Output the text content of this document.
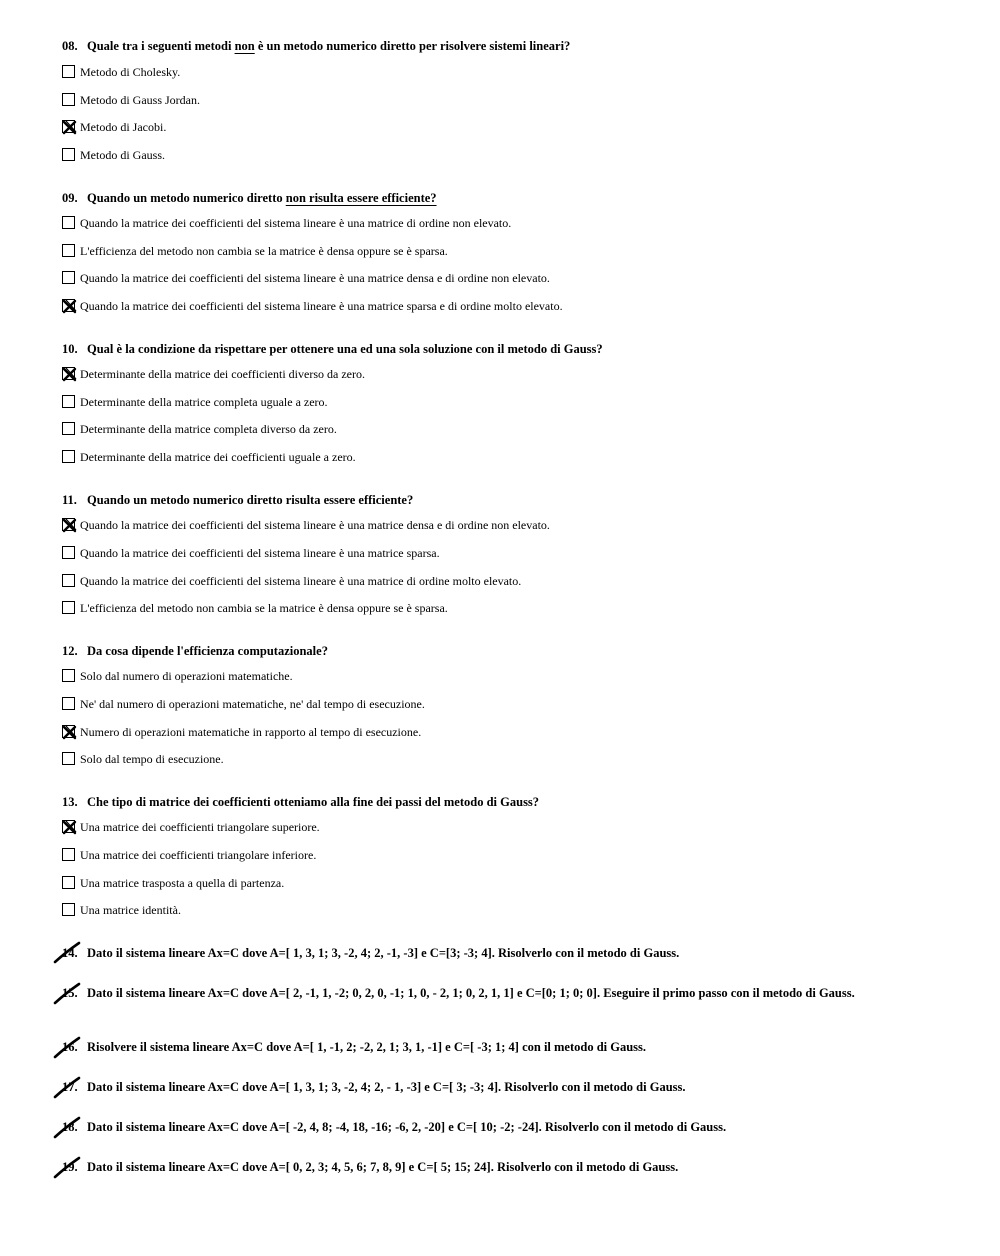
08. Quale tra i seguenti metodi non è un metodo numerico diretto per risolvere sistemi lineari?
Metodo di Cholesky.
Metodo di Gauss Jordan.
Metodo di Jacobi.
Metodo di Gauss.
09. Quando un metodo numerico diretto non risulta essere efficiente?
Quando la matrice dei coefficienti del sistema lineare è una matrice di ordine non elevato.
L'efficienza del metodo non cambia se la matrice è densa oppure se è sparsa.
Quando la matrice dei coefficienti del sistema lineare è una matrice densa e di ordine non elevato.
Quando la matrice dei coefficienti del sistema lineare è una matrice sparsa e di ordine molto elevato.
10. Qual è la condizione da rispettare per ottenere una ed una sola soluzione con il metodo di Gauss?
Determinante della matrice dei coefficienti diverso da zero.
Determinante della matrice completa uguale a zero.
Determinante della matrice completa diverso da zero.
Determinante della matrice dei coefficienti uguale a zero.
11. Quando un metodo numerico diretto risulta essere efficiente?
Quando la matrice dei coefficienti del sistema lineare è una matrice densa e di ordine non elevato.
Quando la matrice dei coefficienti del sistema lineare è una matrice sparsa.
Quando la matrice dei coefficienti del sistema lineare è una matrice di ordine molto elevato.
L'efficienza del metodo non cambia se la matrice è densa oppure se è sparsa.
12. Da cosa dipende l'efficienza computazionale?
Solo dal numero di operazioni matematiche.
Ne' dal numero di operazioni matematiche, ne' dal tempo di esecuzione.
Numero di operazioni matematiche in rapporto al tempo di esecuzione.
Solo dal tempo di esecuzione.
13. Che tipo di matrice dei coefficienti otteniamo alla fine dei passi del metodo di Gauss?
Una matrice dei coefficienti triangolare superiore.
Una matrice dei coefficienti triangolare inferiore.
Una matrice trasposta a quella di partenza.
Una matrice identità.
14. Dato il sistema lineare Ax=C dove A=[ 1, 3, 1; 3, -2, 4; 2, -1, -3] e C=[3; -3; 4]. Risolverlo con il metodo di Gauss.
15. Dato il sistema lineare Ax=C dove A=[ 2, -1, 1, -2; 0, 2, 0, -1; 1, 0, - 2, 1; 0, 2, 1, 1] e C=[0; 1; 0; 0]. Eseguire il primo passo con il metodo di Gauss.
16. Risolvere il sistema lineare Ax=C dove A=[ 1, -1, 2; -2, 2, 1; 3, 1, -1] e C=[ -3; 1; 4] con il metodo di Gauss.
17. Dato il sistema lineare Ax=C dove A=[ 1, 3, 1; 3, -2, 4; 2, - 1, -3] e C=[ 3; -3; 4]. Risolverlo con il metodo di Gauss.
18. Dato il sistema lineare Ax=C dove A=[ -2, 4, 8; -4, 18, -16; -6, 2, -20] e C=[ 10; -2; -24]. Risolverlo con il metodo di Gauss.
19. Dato il sistema lineare Ax=C dove A=[ 0, 2, 3; 4, 5, 6; 7, 8, 9] e C=[ 5; 15; 24]. Risolverlo con il metodo di Gauss.
